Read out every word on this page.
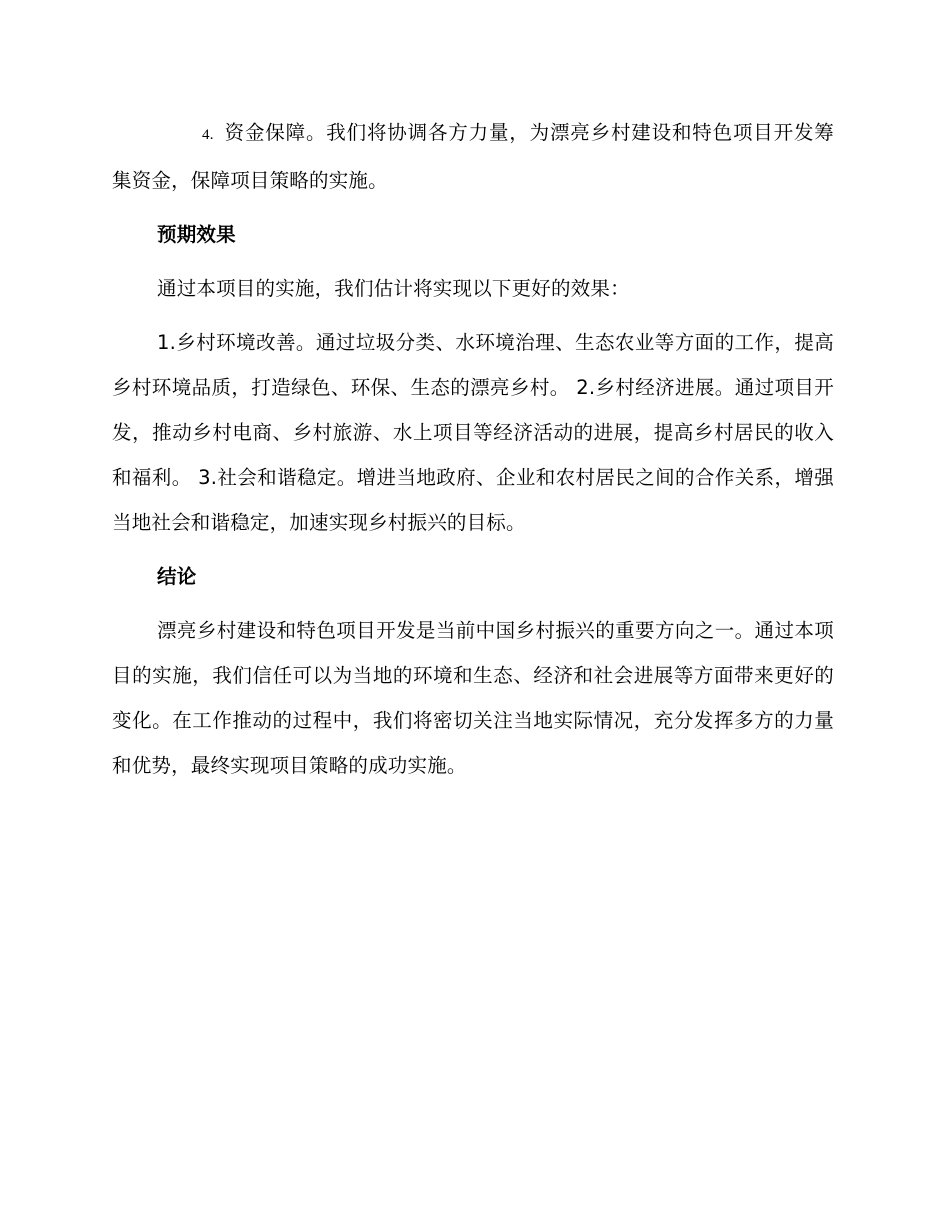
4. 资金保障。我们将协调各方力量，为漂亮乡村建设和特色项目开发筹集资金，保障项目策略的实施。

预期效果

通过本项目的实施，我们估计将实现以下更好的效果：

1.乡村环境改善。通过垃圾分类、水环境治理、生态农业等方面的工作，提高乡村环境品质，打造绿色、环保、生态的漂亮乡村。 2.乡村经济进展。通过项目开发，推动乡村电商、乡村旅游、水上项目等经济活动的进展，提高乡村居民的收入和福利。 3.社会和谐稳定。增进当地政府、企业和农村居民之间的合作关系，增强当地社会和谐稳定，加速实现乡村振兴的目标。

结论

漂亮乡村建设和特色项目开发是当前中国乡村振兴的重要方向之一。通过本项目的实施，我们信任可以为当地的环境和生态、经济和社会进展等方面带来更好的变化。在工作推动的过程中，我们将密切关注当地实际情况，充分发挥多方的力量和优势，最终实现项目策略的成功实施。
